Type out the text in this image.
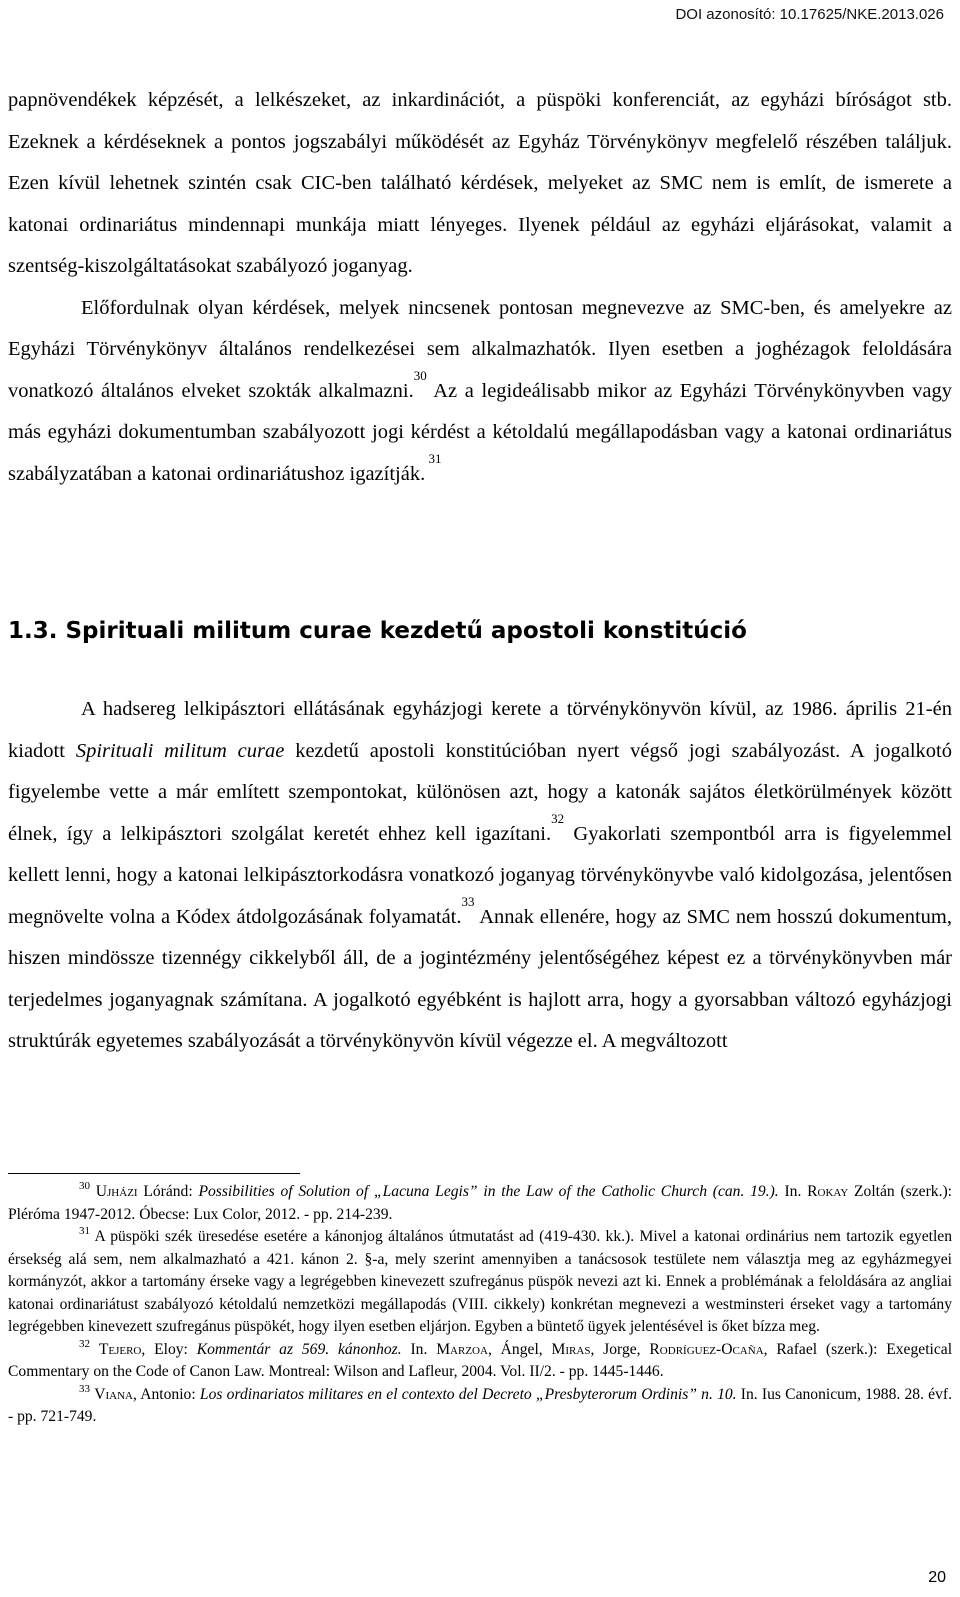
DOI azonosító: 10.17625/NKE.2013.026

papnövendékek képzését, a lelkészeket, az inkardinációt, a püspöki konferenciát, az egyházi bíróságot stb. Ezeknek a kérdéseknek a pontos jogszabályi működését az Egyház Törvénykönyv megfelelő részében találjuk. Ezen kívül lehetnek szintén csak CIC-ben található kérdések, melyeket az SMC nem is említ, de ismerete a katonai ordinariátus mindennapi munkája miatt lényeges. Ilyenek például az egyházi eljárásokat, valamit a szentség-kiszolgáltatásokat szabályozó joganyag.

Előfordulnak olyan kérdések, melyek nincsenek pontosan megnevezve az SMC-ben, és amelyekre az Egyházi Törvénykönyv általános rendelkezései sem alkalmazhatók. Ilyen esetben a joghézagok feloldására vonatkozó általános elveket szokták alkalmazni.$^{30}$ Az a legideálisabb mikor az Egyházi Törvénykönyvben vagy más egyházi dokumentumban szabályozott jogi kérdést a kétoldalú megállapodásban vagy a katonai ordinariátus szabályzatában a katonai ordinariátushoz igazítják. $^{31}$

1.3. Spirituali militum curae kezdetű apostoli konstitúció

A hadsereg lelkipásztori ellátásának egyházjogi kerete a törvénykönyvön kívül, az 1986. április 21-én kiadott Spirituali militum curae kezdetű apostoli konstitúcióban nyert végső jogi szabályozást. A jogalkotó figyelembe vette a már említett szempontokat, különösen azt, hogy a katonák sajátos életkörülmények között élnek, így a lelkipásztori szolgálat keretét ehhez kell igazítani.$^{32}$ Gyakorlati szempontból arra is figyelemmel kellett lenni, hogy a katonai lelkipásztorkodásra vonatkozó joganyag törvénykönyvbe való kidolgozása, jelentősen megnövelte volna a Kódex átdolgozásának folyamatát.$^{33}$ Annak ellenére, hogy az SMC nem hosszú dokumentum, hiszen mindössze tizennégy cikkelyből áll, de a jogintézmény jelentőségéhez képest ez a törvénykönyvben már terjedelmes joganyagnak számítana. A jogalkotó egyébként is hajlott arra, hogy a gyorsabban változó egyházjogi struktúrák egyetemes szabályozását a törvénykönyvön kívül végezze el. A megváltozott

$^{30}$ Ujházi Lóránd: Possibilities of Solution of „Lacuna Legis” in the Law of the Catholic Church (can. 19.). In. Rokay Zoltán (szerk.): Pléróma 1947-2012. Óbecse: Lux Color, 2012. - pp. 214-239.

$^{31}$ A püspöki szék üresedése esetére a kánonjog általános útmutatást ad (419-430. kk.). Mivel a katonai ordinárius nem tartozik egyetlen érsekség alá sem, nem alkalmazható a 421. kánon 2. §-a, mely szerint amennyiben a tanácsosok testülete nem választja meg az egyházmegyei kormányzót, akkor a tartomány érseke vagy a legrégebben kinevezett szufregánus püspök nevezi azt ki. Ennek a problémának a feloldására az angliai katonai ordinariátust szabályozó kétoldalú nemzetközi megállapodás (VIII. cikkely) konkrétan megnevezi a westminsteri érseket vagy a tartomány legrégebben kinevezett szufregánus püspökét, hogy ilyen esetben eljárjon. Egyben a büntető ügyek jelentésével is őket bízza meg.

$^{32}$ Tejero, Eloy: Kommentár az 569. kánonhoz. In. Marzoa, Ángel, Miras, Jorge, Rodríguez-Ocaña, Rafael (szerk.): Exegetical Commentary on the Code of Canon Law. Montreal: Wilson and Lafleur, 2004. Vol. II/2. - pp. 1445-1446.

$^{33}$ Viana, Antonio: Los ordinariatos militares en el contexto del Decreto „Presbyterorum Ordinis” n. 10. In. Ius Canonicum, 1988. 28. évf. - pp. 721-749.

20
